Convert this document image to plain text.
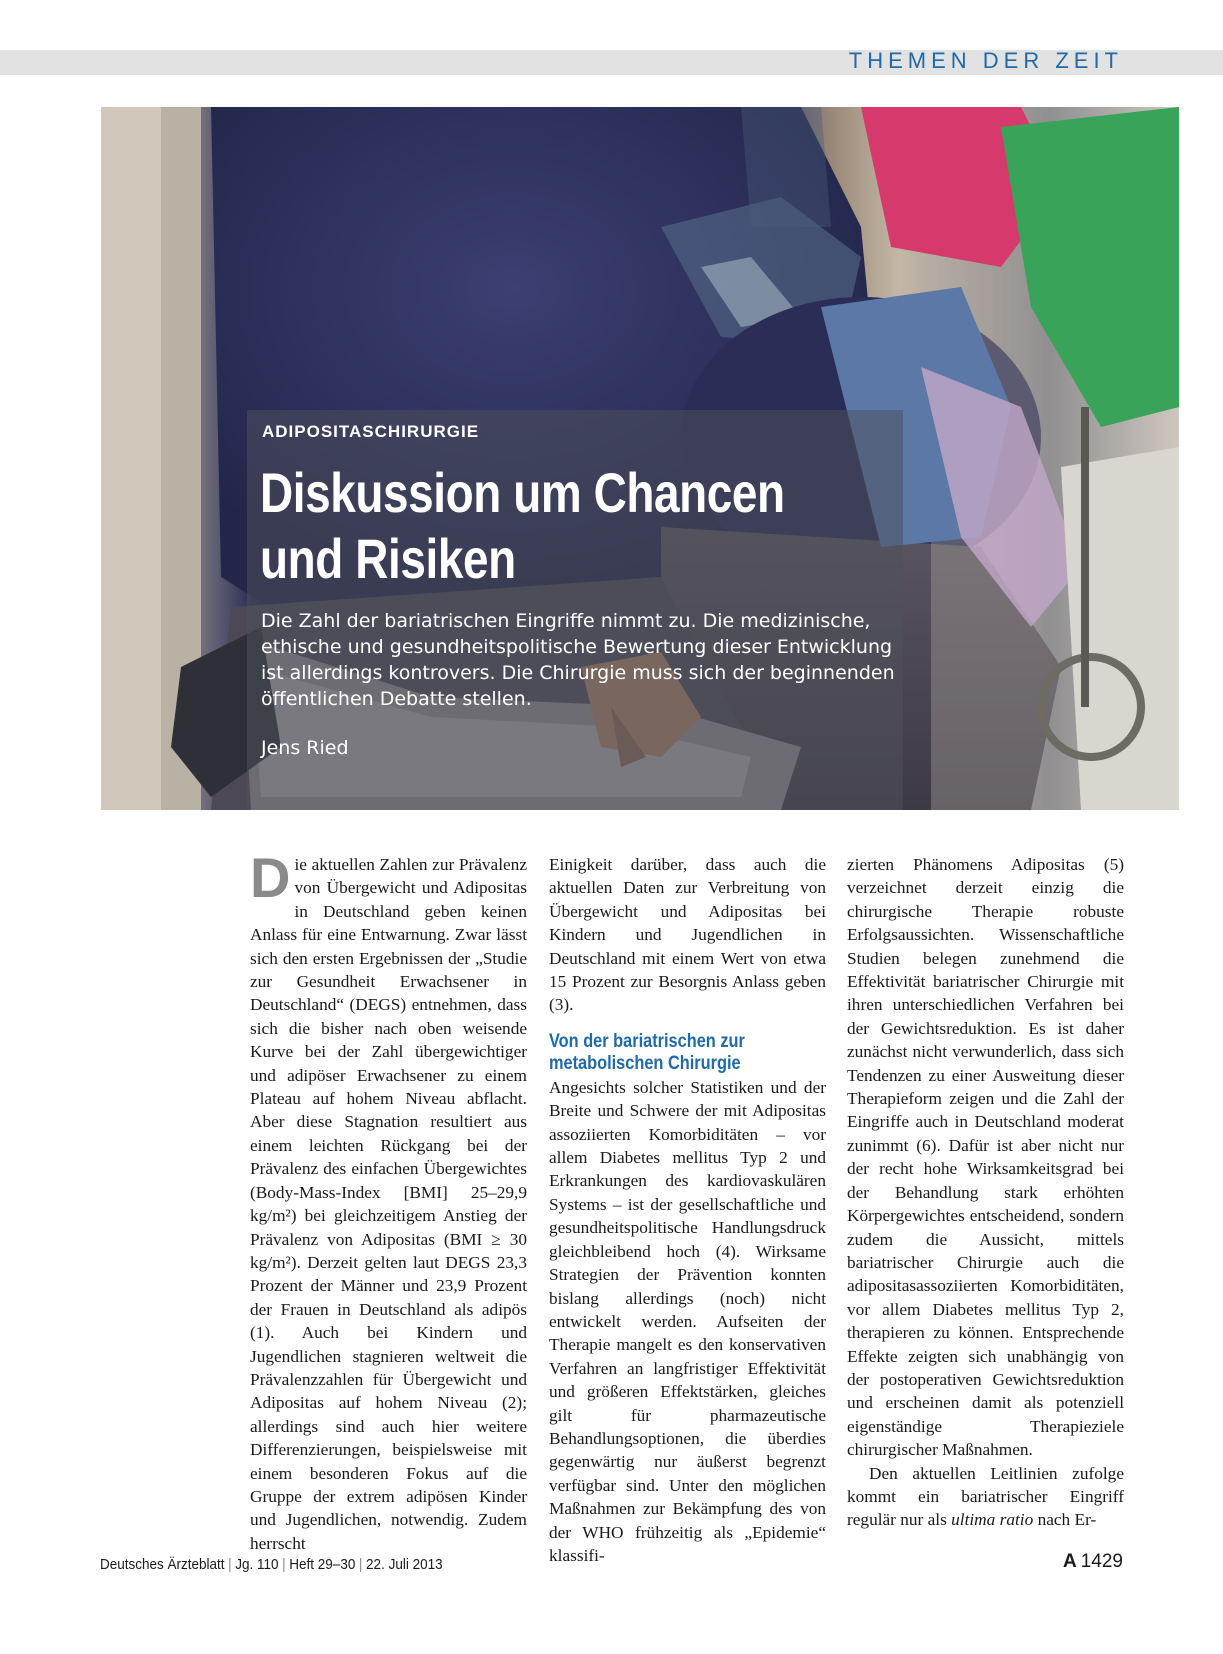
THEMEN DER ZEIT
ADIPOSITASCHIRURGIE
Diskussion um Chancen und Risiken

Die Zahl der bariatrischen Eingriffe nimmt zu. Die medizinische, ethische und gesundheitspolitische Bewertung dieser Entwicklung ist allerdings kontrovers. Die Chirurgie muss sich der beginnenden öffentlichen Debatte stellen.

Jens Ried

Die aktuellen Zahlen zur Prävalenz von Übergewicht und Adipositas in Deutschland geben keinen Anlass für eine Entwarnung. Zwar lässt sich den ersten Ergebnissen der „Studie zur Gesundheit Erwachsener in Deutschland“ (DEGS) entnehmen, dass sich die bisher nach oben weisende Kurve bei der Zahl übergewichtiger und adipöser Erwachsener zu einem Plateau auf hohem Niveau abflacht. Aber diese Stagnation resultiert aus einem leichten Rückgang bei der Prävalenz des einfachen Übergewichtes (Body-Mass-Index [BMI] 25–29,9 kg/m²) bei gleichzeitigem Anstieg der Prävalenz von Adipositas (BMI ≥ 30 kg/m²). Derzeit gelten laut DEGS 23,3 Prozent der Männer und 23,9 Prozent der Frauen in Deutschland als adipös (1). Auch bei Kindern und Jugendlichen stagnieren weltweit die Prävalenzzahlen für Übergewicht und Adipositas auf hohem Niveau (2); allerdings sind auch hier weitere Differenzierungen, beispielsweise mit einem besonderen Fokus auf die Gruppe der extrem adipösen Kinder und Jugendlichen, notwendig. Zudem herrscht

Einigkeit darüber, dass auch die aktuellen Daten zur Verbreitung von Übergewicht und Adipositas bei Kindern und Jugendlichen in Deutschland mit einem Wert von etwa 15 Prozent zur Besorgnis Anlass geben (3).

Von der bariatrischen zur metabolischen Chirurgie

Angesichts solcher Statistiken und der Breite und Schwere der mit Adipositas assoziierten Komorbiditäten – vor allem Diabetes mellitus Typ 2 und Erkrankungen des kardiovaskulären Systems – ist der gesellschaftliche und gesundheitspolitische Handlungsdruck gleichbleibend hoch (4). Wirksame Strategien der Prävention konnten bislang allerdings (noch) nicht entwickelt werden. Aufseiten der Therapie mangelt es den konservativen Verfahren an langfristiger Effektivität und größeren Effektstärken, gleiches gilt für pharmazeutische Behandlungsoptionen, die überdies gegenwärtig nur äußerst begrenzt verfügbar sind. Unter den möglichen Maßnahmen zur Bekämpfung des von der WHO frühzeitig als „Epidemie“ klassifi-

zierten Phänomens Adipositas (5) verzeichnet derzeit einzig die chirurgische Therapie robuste Erfolgsaussichten. Wissenschaftliche Studien belegen zunehmend die Effektivität bariatrischer Chirurgie mit ihren unterschiedlichen Verfahren bei der Gewichtsreduktion. Es ist daher zunächst nicht verwunderlich, dass sich Tendenzen zu einer Ausweitung dieser Therapieform zeigen und die Zahl der Eingriffe auch in Deutschland moderat zunimmt (6). Dafür ist aber nicht nur der recht hohe Wirksamkeitsgrad bei der Behandlung stark erhöhten Körpergewichtes entscheidend, sondern zudem die Aussicht, mittels bariatrischer Chirurgie auch die adipositasassoziierten Komorbiditäten, vor allem Diabetes mellitus Typ 2, therapieren zu können. Entsprechende Effekte zeigten sich unabhängig von der postoperativen Gewichtsreduktion und erscheinen damit als potenziell eigenständige Therapieziele chirurgischer Maßnahmen.

Den aktuellen Leitlinien zufolge kommt ein bariatrischer Eingriff regulär nur als ultima ratio nach Er-

Deutsches Ärzteblatt | Jg. 110 | Heft 29–30 | 22. Juli 2013	A 1429
